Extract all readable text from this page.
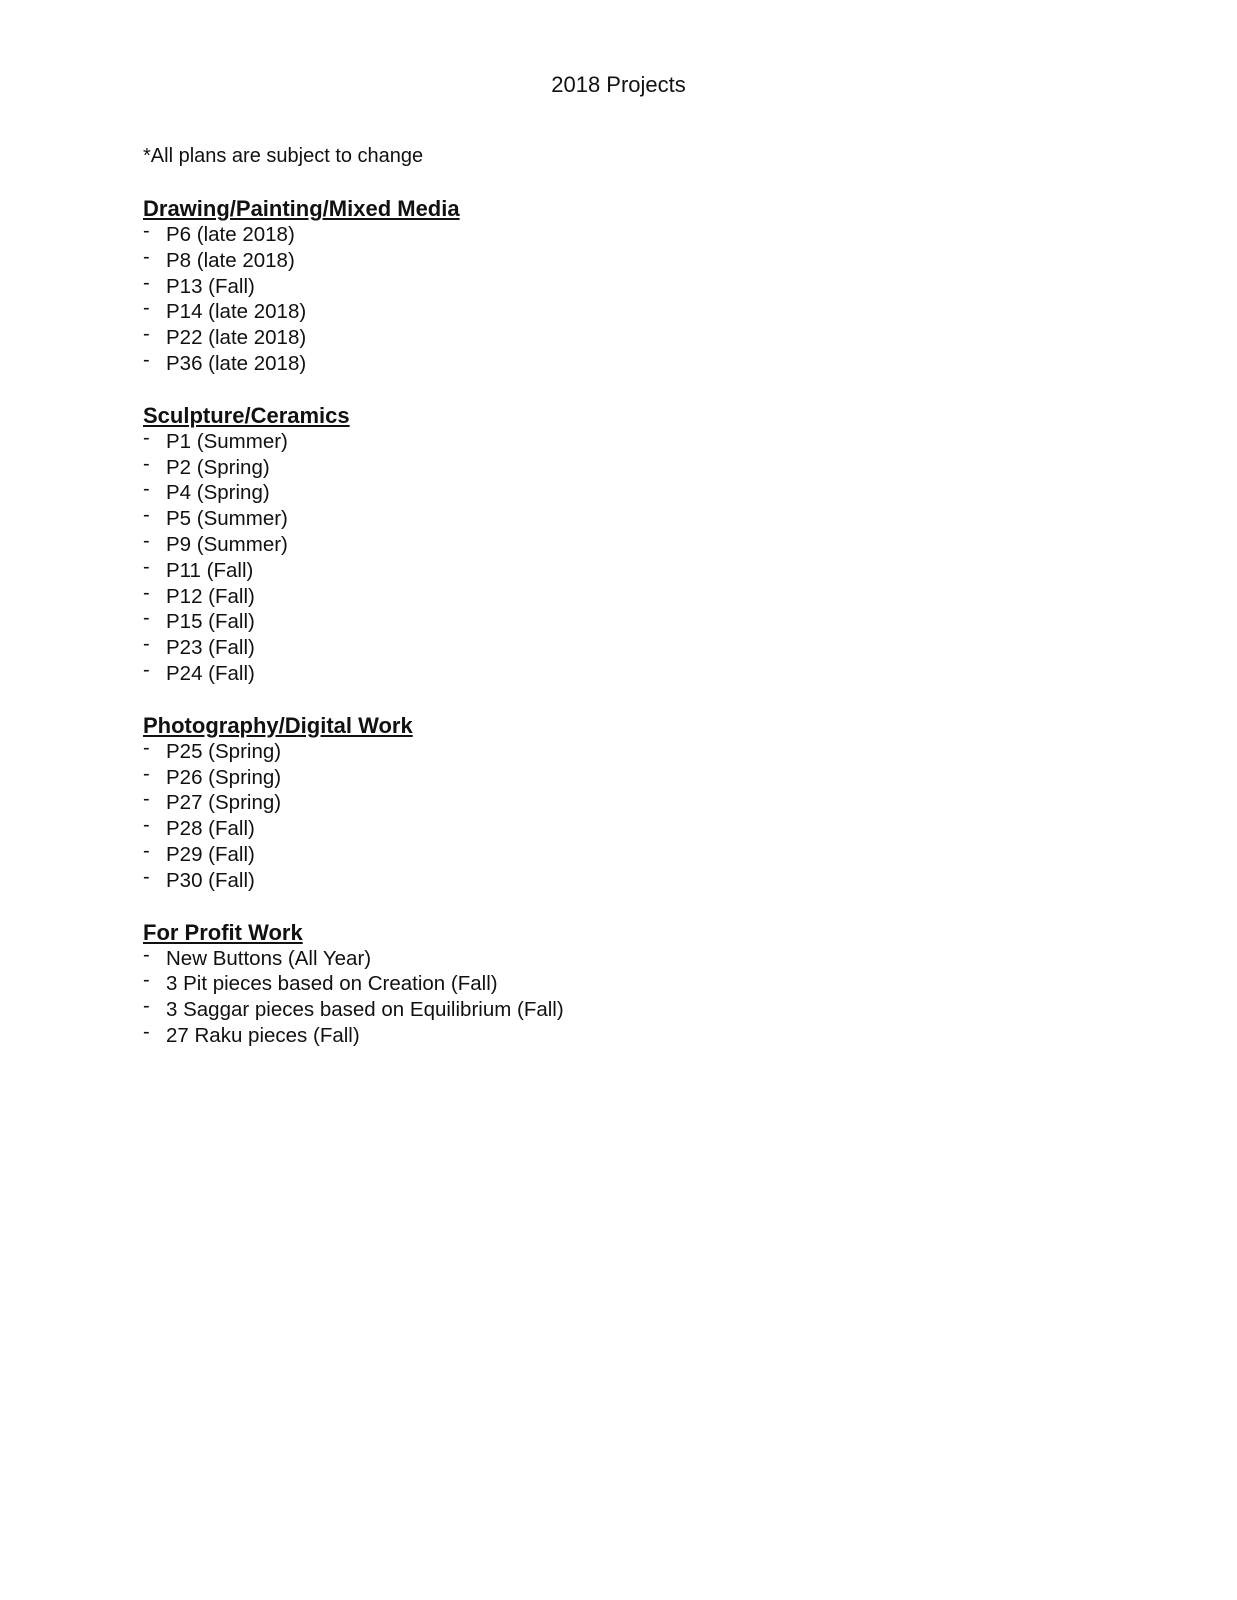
2018 Projects

*All plans are subject to change

Drawing/Painting/Mixed Media
- P6 (late 2018)
- P8 (late 2018)
- P13 (Fall)
- P14 (late 2018)
- P22 (late 2018)
- P36 (late 2018)
Sculpture/Ceramics
- P1 (Summer)
- P2 (Spring)
- P4 (Spring)
- P5 (Summer)
- P9 (Summer)
- P11 (Fall)
- P12 (Fall)
- P15 (Fall)
- P23 (Fall)
- P24 (Fall)
Photography/Digital Work
- P25 (Spring)
- P26 (Spring)
- P27 (Spring)
- P28 (Fall)
- P29 (Fall)
- P30 (Fall)
For Profit Work
- New Buttons (All Year)
- 3 Pit pieces based on Creation (Fall)
- 3 Saggar pieces based on Equilibrium (Fall)
- 27 Raku pieces (Fall)
